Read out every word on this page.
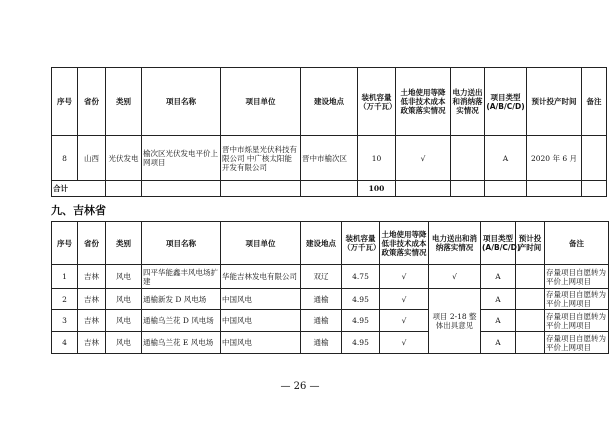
序号	省份	类别	项目名称	项目单位	建设地点	装机容量（万千瓦）	土地使用等降低非技术成本政策落实情况	电力送出和消纳落实情况	项目类型(A/B/C/D)	预计投产时间	备注
8	山西	光伏发电	榆次区光伏发电平价上网项目	晋中市烁星光伏科技有限公司 中广核太阳能开发有限公司	晋中市榆次区	10	√		A	2020 年 6 月	
合计						100					
九、吉林省
序号	省份	类别	项目名称	项目单位	建设地点	装机容量（万千瓦）	土地使用等降低非技术成本政策落实情况	电力送出和消纳落实情况	项目类型(A/B/C/D)	预计投产时间	备注
1	吉林	风电	四平华能鑫丰风电场扩建	华能吉林发电有限公司	双辽	4.75	√	√	A		存量项目自愿转为平价上网项目
2	吉林	风电	通榆新发 D 风电场	中国风电	通榆	4.95	√	项目 2-18 整体出具意见	A		存量项目自愿转为平价上网项目
3	吉林	风电	通榆乌兰花 D 风电场	中国风电	通榆	4.95	√		A		存量项目自愿转为平价上网项目
4	吉林	风电	通榆乌兰花 E 风电场	中国风电	通榆	4.95	√		A		存量项目自愿转为平价上网项目
— 26 —
